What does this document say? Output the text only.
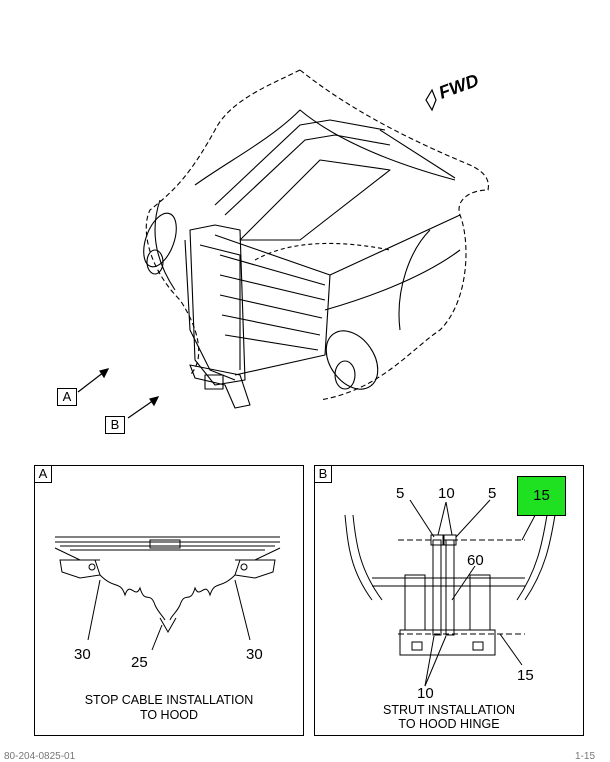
FWD
A
B
A
30	25	30
STOP CABLE INSTALLATION
TO HOOD
B
5 10 5	15
60
15
10
STRUT INSTALLATION
TO HOOD HINGE
80-204-0825-01	1-15
